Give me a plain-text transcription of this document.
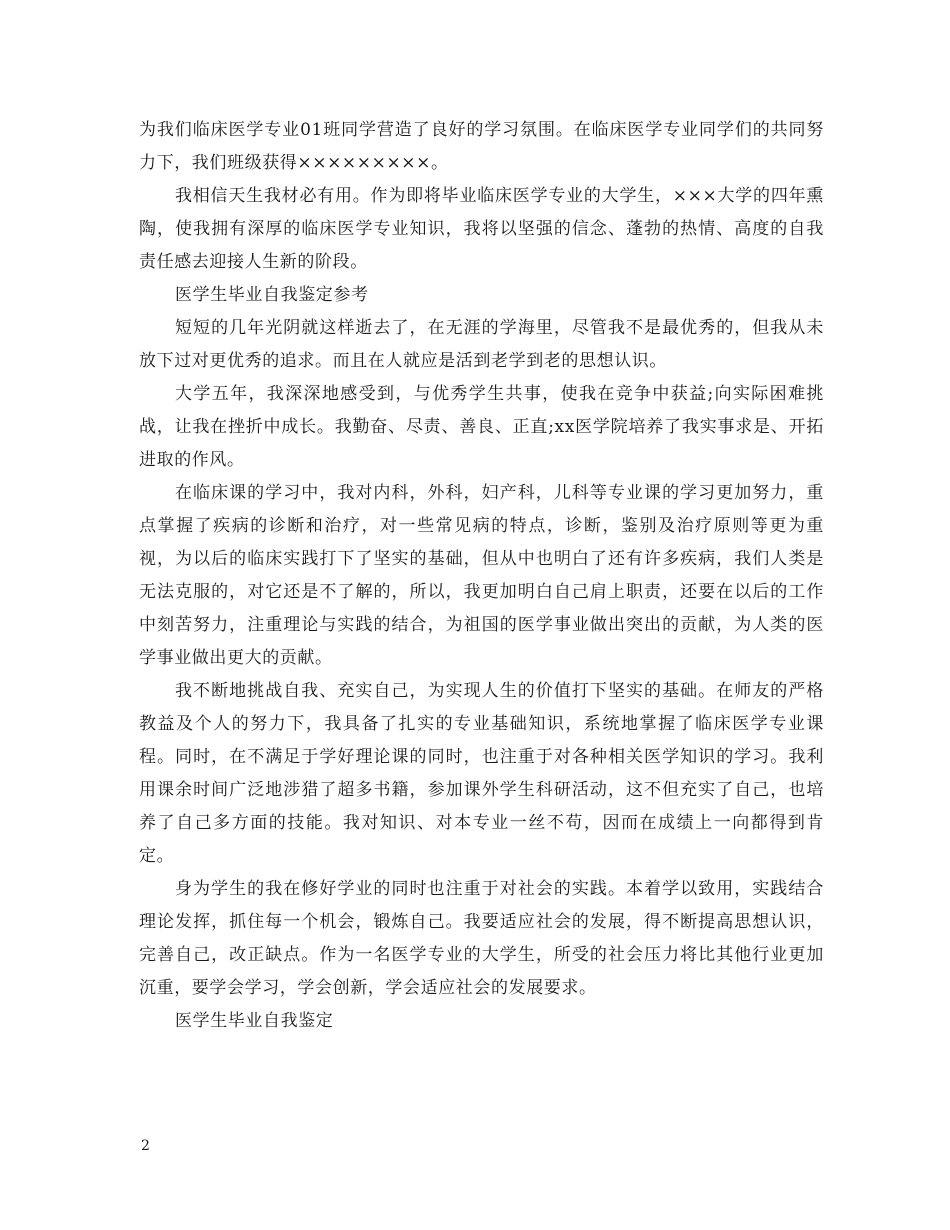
为我们临床医学专业01班同学营造了良好的学习氛围。在临床医学专业同学们的共同努力下，我们班级获得×××××××××。

我相信天生我材必有用。作为即将毕业临床医学专业的大学生，×××大学的四年熏陶，使我拥有深厚的临床医学专业知识，我将以坚强的信念、蓬勃的热情、高度的自我责任感去迎接人生新的阶段。

医学生毕业自我鉴定参考

短短的几年光阴就这样逝去了，在无涯的学海里，尽管我不是最优秀的，但我从未放下过对更优秀的追求。而且在人就应是活到老学到老的思想认识。

大学五年，我深深地感受到，与优秀学生共事，使我在竞争中获益;向实际困难挑战，让我在挫折中成长。我勤奋、尽责、善良、正直;xx医学院培养了我实事求是、开拓进取的作风。

在临床课的学习中，我对内科，外科，妇产科，儿科等专业课的学习更加努力，重点掌握了疾病的诊断和治疗，对一些常见病的特点，诊断，鉴别及治疗原则等更为重视，为以后的临床实践打下了坚实的基础，但从中也明白了还有许多疾病，我们人类是无法克服的，对它还是不了解的，所以，我更加明白自己肩上职责，还要在以后的工作中刻苦努力，注重理论与实践的结合，为祖国的医学事业做出突出的贡献，为人类的医学事业做出更大的贡献。

我不断地挑战自我、充实自己，为实现人生的价值打下坚实的基础。在师友的严格教益及个人的努力下，我具备了扎实的专业基础知识，系统地掌握了临床医学专业课程。同时，在不满足于学好理论课的同时，也注重于对各种相关医学知识的学习。我利用课余时间广泛地涉猎了超多书籍，参加课外学生科研活动，这不但充实了自己，也培养了自己多方面的技能。我对知识、对本专业一丝不苟，因而在成绩上一向都得到肯定。

身为学生的我在修好学业的同时也注重于对社会的实践。本着学以致用，实践结合理论发挥，抓住每一个机会，锻炼自己。我要适应社会的发展，得不断提高思想认识，完善自己，改正缺点。作为一名医学专业的大学生，所受的社会压力将比其他行业更加沉重，要学会学习，学会创新，学会适应社会的发展要求。

医学生毕业自我鉴定

2
